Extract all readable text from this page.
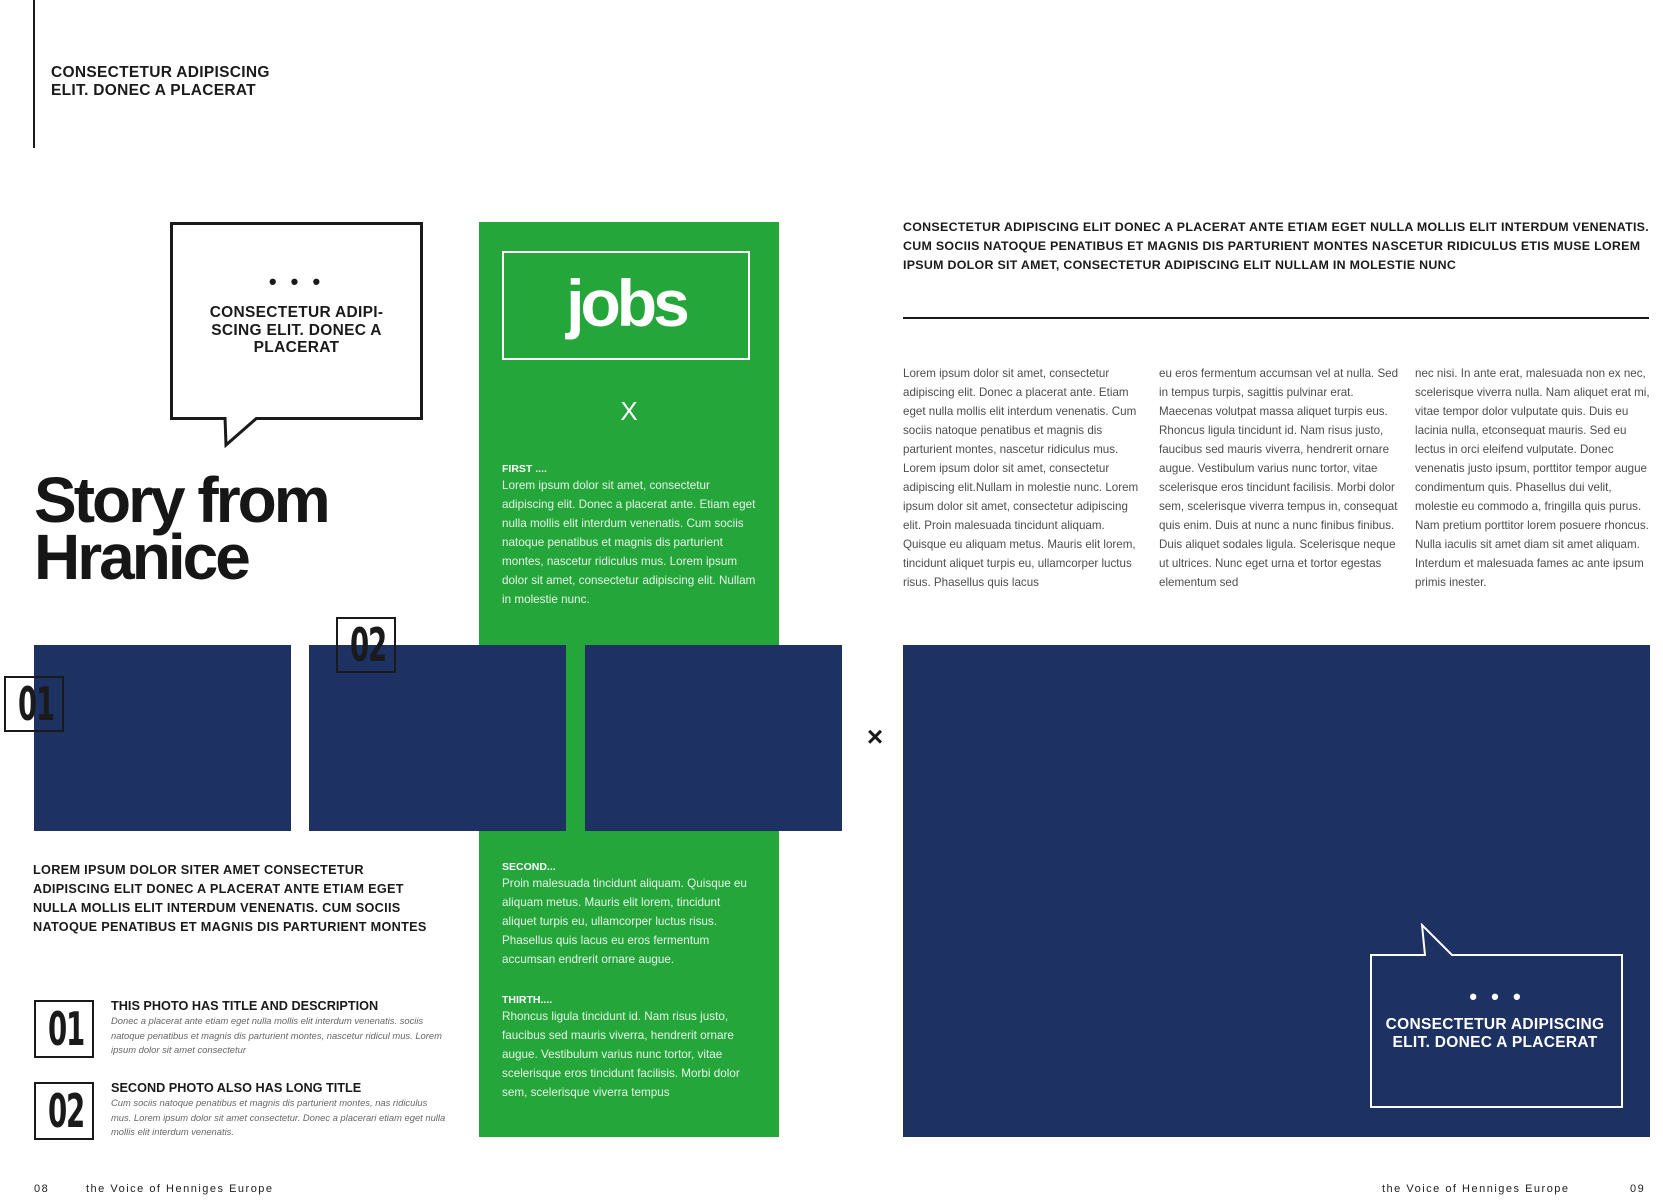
CONSECTETUR ADIPISCING ELIT. DONEC A PLACERAT
• • •
CONSECTETUR ADIPI-SCING ELIT. DONEC A PLACERAT
Story from
Hranice
jobs
X
FIRST ....
Lorem ipsum dolor sit amet, consectetur adipiscing elit. Donec a placerat ante. Etiam eget nulla mollis elit interdum venenatis. Cum sociis natoque penatibus et magnis dis parturient montes, nascetur ridiculus mus. Lorem ipsum dolor sit amet, consectetur adipiscing elit. Nullam in molestie nunc.
SECOND...
Proin malesuada tincidunt aliquam. Quisque eu aliquam metus. Mauris elit lorem, tincidunt aliquet turpis eu, ullamcorper luctus risus. Phasellus quis lacus eu eros fermentum accumsan endrerit ornare augue.
THIRTH....
Rhoncus ligula tincidunt id. Nam risus justo, faucibus sed mauris viverra, hendrerit ornare augue. Vestibulum varius nunc tortor, vitae scelerisque eros tincidunt facilisis. Morbi dolor sem, scelerisque viverra tempus
01
02
×
LOREM IPSUM DOLOR SITER AMET CONSECTETUR ADIPISCING ELIT DONEC A PLACERAT ANTE ETIAM EGET NULLA MOLLIS ELIT INTERDUM VENENATIS. CUM SOCIIS NATOQUE PENATIBUS ET MAGNIS DIS PARTURIENT MONTES
01	THIS PHOTO HAS TITLE AND DESCRIPTION
Donec a placerat ante etiam eget nulla mollis elit interdum venenatis. sociis natoque penatibus et magnis dis parturient montes, nascetur ridicul mus. Lorem ipsum dolor sit amet consectetur
02	SECOND PHOTO ALSO HAS LONG TITLE
Cum sociis natoque penatibus et magnis dis parturient montes, nas ridiculus mus. Lorem ipsum dolor sit amet consectetur. Donec a placerari etiam eget nulla mollis elit interdum venenatis.
08	the Voice of Henniges Europe
CONSECTETUR ADIPISCING ELIT DONEC A PLACERAT ANTE ETIAM EGET NULLA MOLLIS ELIT INTERDUM VENENATIS. CUM SOCIIS NATOQUE PENATIBUS ET MAGNIS DIS PARTURIENT MONTES NASCETUR RIDICULUS ETIS MUSE LOREM IPSUM DOLOR SIT AMET, CONSECTETUR ADIPISCING ELIT NULLAM IN MOLESTIE NUNC
Lorem ipsum dolor sit amet, consectetur adipiscing elit. Donec a placerat ante. Etiam eget nulla mollis elit interdum venenatis. Cum sociis natoque penatibus et magnis dis parturient montes, nascetur ridiculus mus. Lorem ipsum dolor sit amet, consectetur adipiscing elit.Nullam in molestie nunc. Lorem ipsum dolor sit amet, consectetur adipiscing elit. Proin malesuada tincidunt aliquam. Quisque eu aliquam metus. Mauris elit lorem, tincidunt aliquet turpis eu, ullamcorper luctus risus. Phasellus quis lacus
eu eros fermentum accumsan vel at nulla. Sed in tempus turpis, sagittis pulvinar erat. Maecenas volutpat massa aliquet turpis eus. Rhoncus ligula tincidunt id. Nam risus justo, faucibus sed mauris viverra, hendrerit ornare augue. Vestibulum varius nunc tortor, vitae scelerisque eros tincidunt facilisis. Morbi dolor sem, scelerisque viverra tempus in, consequat quis enim. Duis at nunc a nunc finibus finibus. Duis aliquet sodales ligula. Scelerisque neque ut ultrices. Nunc eget urna et tortor egestas elementum sed
nec nisi. In ante erat, malesuada non ex nec, scelerisque viverra nulla. Nam aliquet erat mi, vitae tempor dolor vulputate quis. Duis eu lacinia nulla, etconsequat mauris. Sed eu lectus in orci eleifend vulputate. Donec venenatis justo ipsum, porttitor tempor augue condimentum quis. Phasellus dui velit, molestie eu commodo a, fringilla quis purus. Nam pretium porttitor lorem posuere rhoncus. Nulla iaculis sit amet diam sit amet aliquam. Interdum et malesuada fames ac ante ipsum primis inester.
• • •
CONSECTETUR ADIPISCING ELIT. DONEC A PLACERAT
the Voice of Henniges Europe	09
